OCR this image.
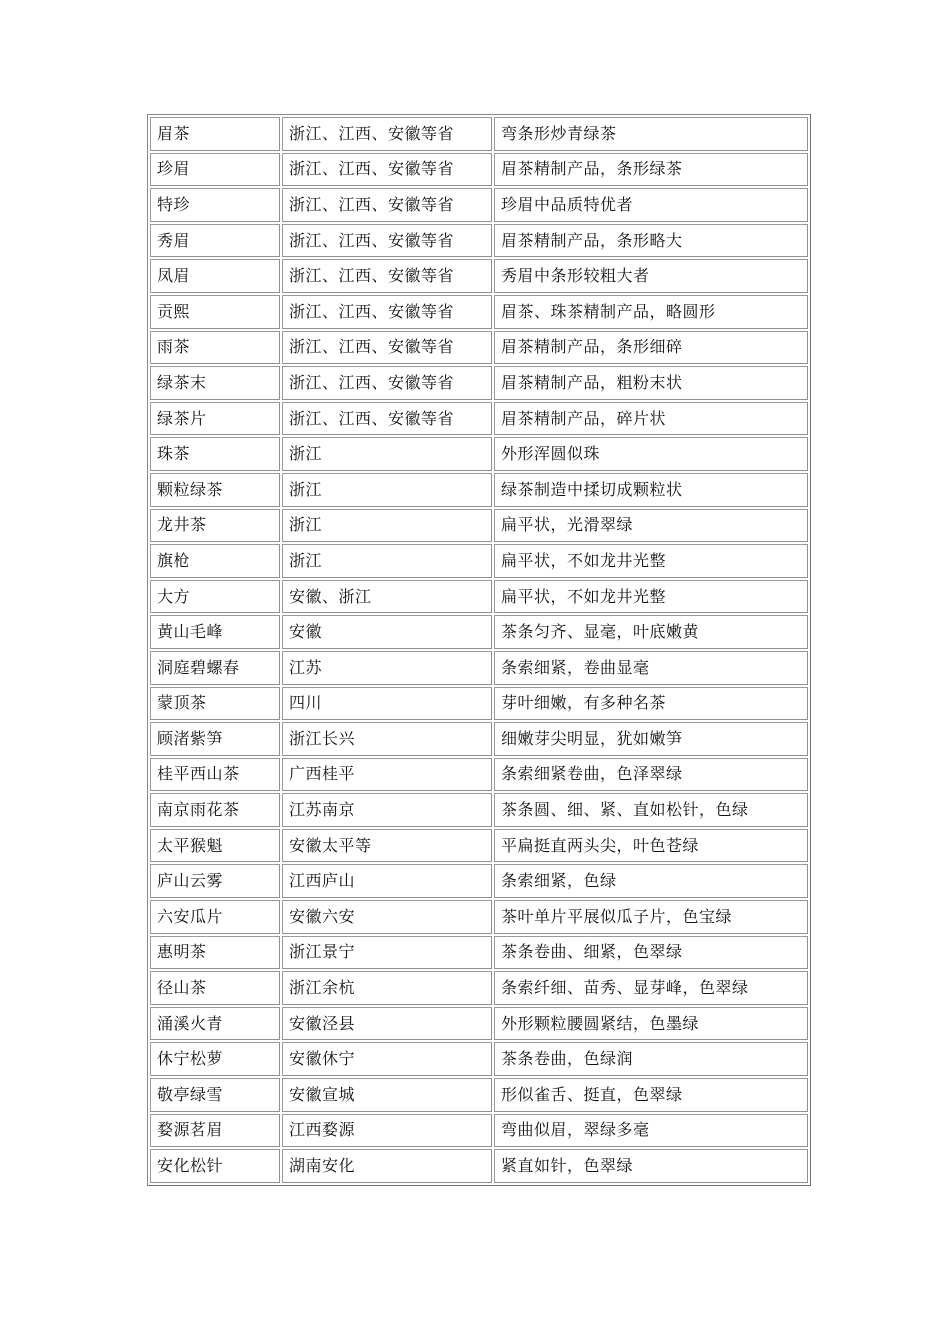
眉茶	浙江、江西、安徽等省	弯条形炒青绿茶
珍眉	浙江、江西、安徽等省	眉茶精制产品，条形绿茶
特珍	浙江、江西、安徽等省	珍眉中品质特优者
秀眉	浙江、江西、安徽等省	眉茶精制产品，条形略大
凤眉	浙江、江西、安徽等省	秀眉中条形较粗大者
贡熙	浙江、江西、安徽等省	眉茶、珠茶精制产品，略圆形
雨茶	浙江、江西、安徽等省	眉茶精制产品，条形细碎
绿茶末	浙江、江西、安徽等省	眉茶精制产品，粗粉末状
绿茶片	浙江、江西、安徽等省	眉茶精制产品，碎片状
珠茶	浙江	外形浑圆似珠
颗粒绿茶	浙江	绿茶制造中揉切成颗粒状
龙井茶	浙江	扁平状，光滑翠绿
旗枪	浙江	扁平状，不如龙井光整
大方	安徽、浙江	扁平状，不如龙井光整
黄山毛峰	安徽	茶条匀齐、显毫，叶底嫩黄
洞庭碧螺春	江苏	条索细紧，卷曲显毫
蒙顶茶	四川	芽叶细嫩，有多种名茶
顾渚紫笋	浙江长兴	细嫩芽尖明显，犹如嫩笋
桂平西山茶	广西桂平	条索细紧卷曲，色泽翠绿
南京雨花茶	江苏南京	茶条圆、细、紧、直如松针，色绿
太平猴魁	安徽太平等	平扁挺直两头尖，叶色苍绿
庐山云雾	江西庐山	条索细紧，色绿
六安瓜片	安徽六安	茶叶单片平展似瓜子片，色宝绿
惠明茶	浙江景宁	茶条卷曲、细紧，色翠绿
径山茶	浙江余杭	条索纤细、苗秀、显芽峰，色翠绿
涌溪火青	安徽泾县	外形颗粒腰圆紧结，色墨绿
休宁松萝	安徽休宁	茶条卷曲，色绿润
敬亭绿雪	安徽宣城	形似雀舌、挺直，色翠绿
婺源茗眉	江西婺源	弯曲似眉，翠绿多毫
安化松针	湖南安化	紧直如针，色翠绿
